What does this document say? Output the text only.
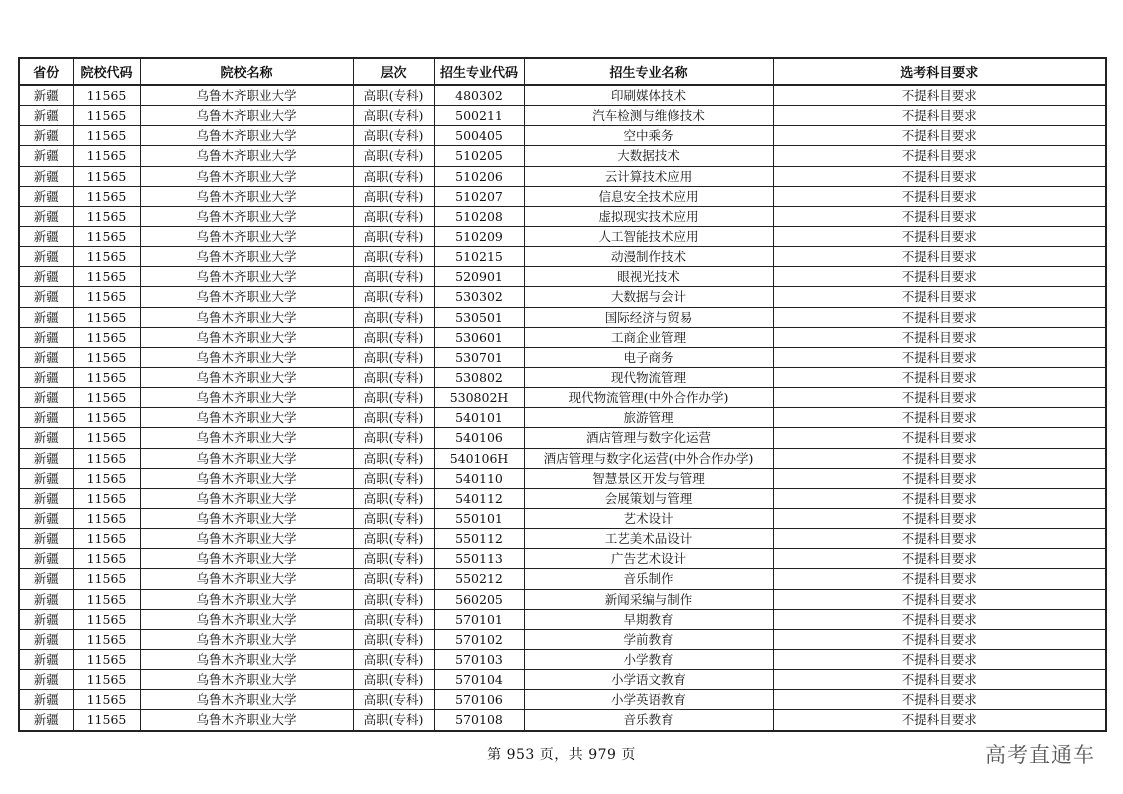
省份	院校代码	院校名称	层次	招生专业代码	招生专业名称	选考科目要求
新疆	11565	乌鲁木齐职业大学	高职(专科)	480302	印刷媒体技术	不提科目要求
新疆	11565	乌鲁木齐职业大学	高职(专科)	500211	汽车检测与维修技术	不提科目要求
新疆	11565	乌鲁木齐职业大学	高职(专科)	500405	空中乘务	不提科目要求
新疆	11565	乌鲁木齐职业大学	高职(专科)	510205	大数据技术	不提科目要求
新疆	11565	乌鲁木齐职业大学	高职(专科)	510206	云计算技术应用	不提科目要求
新疆	11565	乌鲁木齐职业大学	高职(专科)	510207	信息安全技术应用	不提科目要求
新疆	11565	乌鲁木齐职业大学	高职(专科)	510208	虚拟现实技术应用	不提科目要求
新疆	11565	乌鲁木齐职业大学	高职(专科)	510209	人工智能技术应用	不提科目要求
新疆	11565	乌鲁木齐职业大学	高职(专科)	510215	动漫制作技术	不提科目要求
新疆	11565	乌鲁木齐职业大学	高职(专科)	520901	眼视光技术	不提科目要求
新疆	11565	乌鲁木齐职业大学	高职(专科)	530302	大数据与会计	不提科目要求
新疆	11565	乌鲁木齐职业大学	高职(专科)	530501	国际经济与贸易	不提科目要求
新疆	11565	乌鲁木齐职业大学	高职(专科)	530601	工商企业管理	不提科目要求
新疆	11565	乌鲁木齐职业大学	高职(专科)	530701	电子商务	不提科目要求
新疆	11565	乌鲁木齐职业大学	高职(专科)	530802	现代物流管理	不提科目要求
新疆	11565	乌鲁木齐职业大学	高职(专科)	530802H	现代物流管理(中外合作办学)	不提科目要求
新疆	11565	乌鲁木齐职业大学	高职(专科)	540101	旅游管理	不提科目要求
新疆	11565	乌鲁木齐职业大学	高职(专科)	540106	酒店管理与数字化运营	不提科目要求
新疆	11565	乌鲁木齐职业大学	高职(专科)	540106H	酒店管理与数字化运营(中外合作办学)	不提科目要求
新疆	11565	乌鲁木齐职业大学	高职(专科)	540110	智慧景区开发与管理	不提科目要求
新疆	11565	乌鲁木齐职业大学	高职(专科)	540112	会展策划与管理	不提科目要求
新疆	11565	乌鲁木齐职业大学	高职(专科)	550101	艺术设计	不提科目要求
新疆	11565	乌鲁木齐职业大学	高职(专科)	550112	工艺美术品设计	不提科目要求
新疆	11565	乌鲁木齐职业大学	高职(专科)	550113	广告艺术设计	不提科目要求
新疆	11565	乌鲁木齐职业大学	高职(专科)	550212	音乐制作	不提科目要求
新疆	11565	乌鲁木齐职业大学	高职(专科)	560205	新闻采编与制作	不提科目要求
新疆	11565	乌鲁木齐职业大学	高职(专科)	570101	早期教育	不提科目要求
新疆	11565	乌鲁木齐职业大学	高职(专科)	570102	学前教育	不提科目要求
新疆	11565	乌鲁木齐职业大学	高职(专科)	570103	小学教育	不提科目要求
新疆	11565	乌鲁木齐职业大学	高职(专科)	570104	小学语文教育	不提科目要求
新疆	11565	乌鲁木齐职业大学	高职(专科)	570106	小学英语教育	不提科目要求
新疆	11565	乌鲁木齐职业大学	高职(专科)	570108	音乐教育	不提科目要求
第 953 页，共 979 页	高考直通车
